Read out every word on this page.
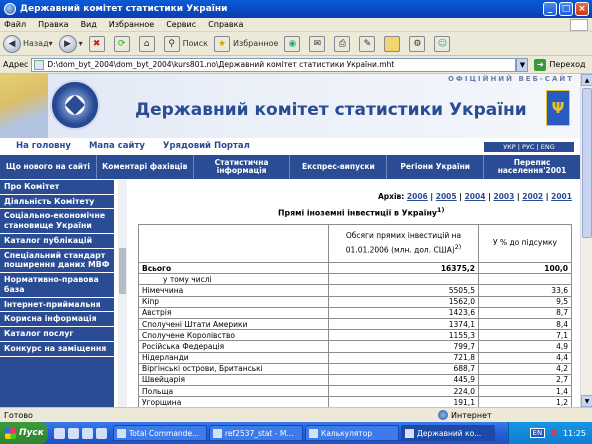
Державний комітет статистики України	_	□ ×
Файл Правка Вид Избранное Сервис Справка
◀ Назад ▾	▶ ▾	✖	⟳	⌂	⚲ Поиск	★ Избранное	◉	✉	⎙	✎	⚙	☺
Адрес	D:\dom_byt_2004\dom_byt_2004\kurs801.no\Державний комітет статистики України.mht	▼	➜ Переход
ОФІЦІЙНИЙ ВЕБ-САЙТ
Державний комітет статистики України	Ψ
На головну Мапа сайту Урядовий Портал	УКР | РУС | ENG
Що нового на сайті	Коментарі фахівців	Статистична інформація	Експрес-випуски	Регіони України	Перепис населення'2001
Про Комітет
Діяльність Комітету
Соціально-економічне становище України
Каталог публікацій
Спеціальний стандарт поширення даних МВФ
Нормативно-правова база
Інтернет-приймальня
Корисна інформація
Каталог послуг
Конкурс на заміщення
Архів: 2006 | 2005 | 2004 | 2003 | 2002 | 2001
Прямі іноземні інвестиції в Україну$^{1)}$
	Обсяги прямих інвестицій на 01.01.2006 (млн. дол. США)$^{2)}$	У % до підсумку
Всього	16375,2	100,0
у тому числі		
Німеччина	5505,5	33,6
Кіпр	1562,0	9,5
Австрія	1423,6	8,7
Сполучені Штати Америки	1374,1	8,4
Сполучене Королівство	1155,3	7,1
Російська Федерація	799,7	4,9
Нідерланди	721,8	4,4
Віргінські острови, Британські	688,7	4,2
Швейцарія	445,9	2,7
Польща	224,0	1,4
Угорщина	191,1	1,2
▲
▼
Готово	Интернет
Пуск	Total Commande...	ref2537_stat - M...	Калькулятор	Державний ко...	EN K 11:25
